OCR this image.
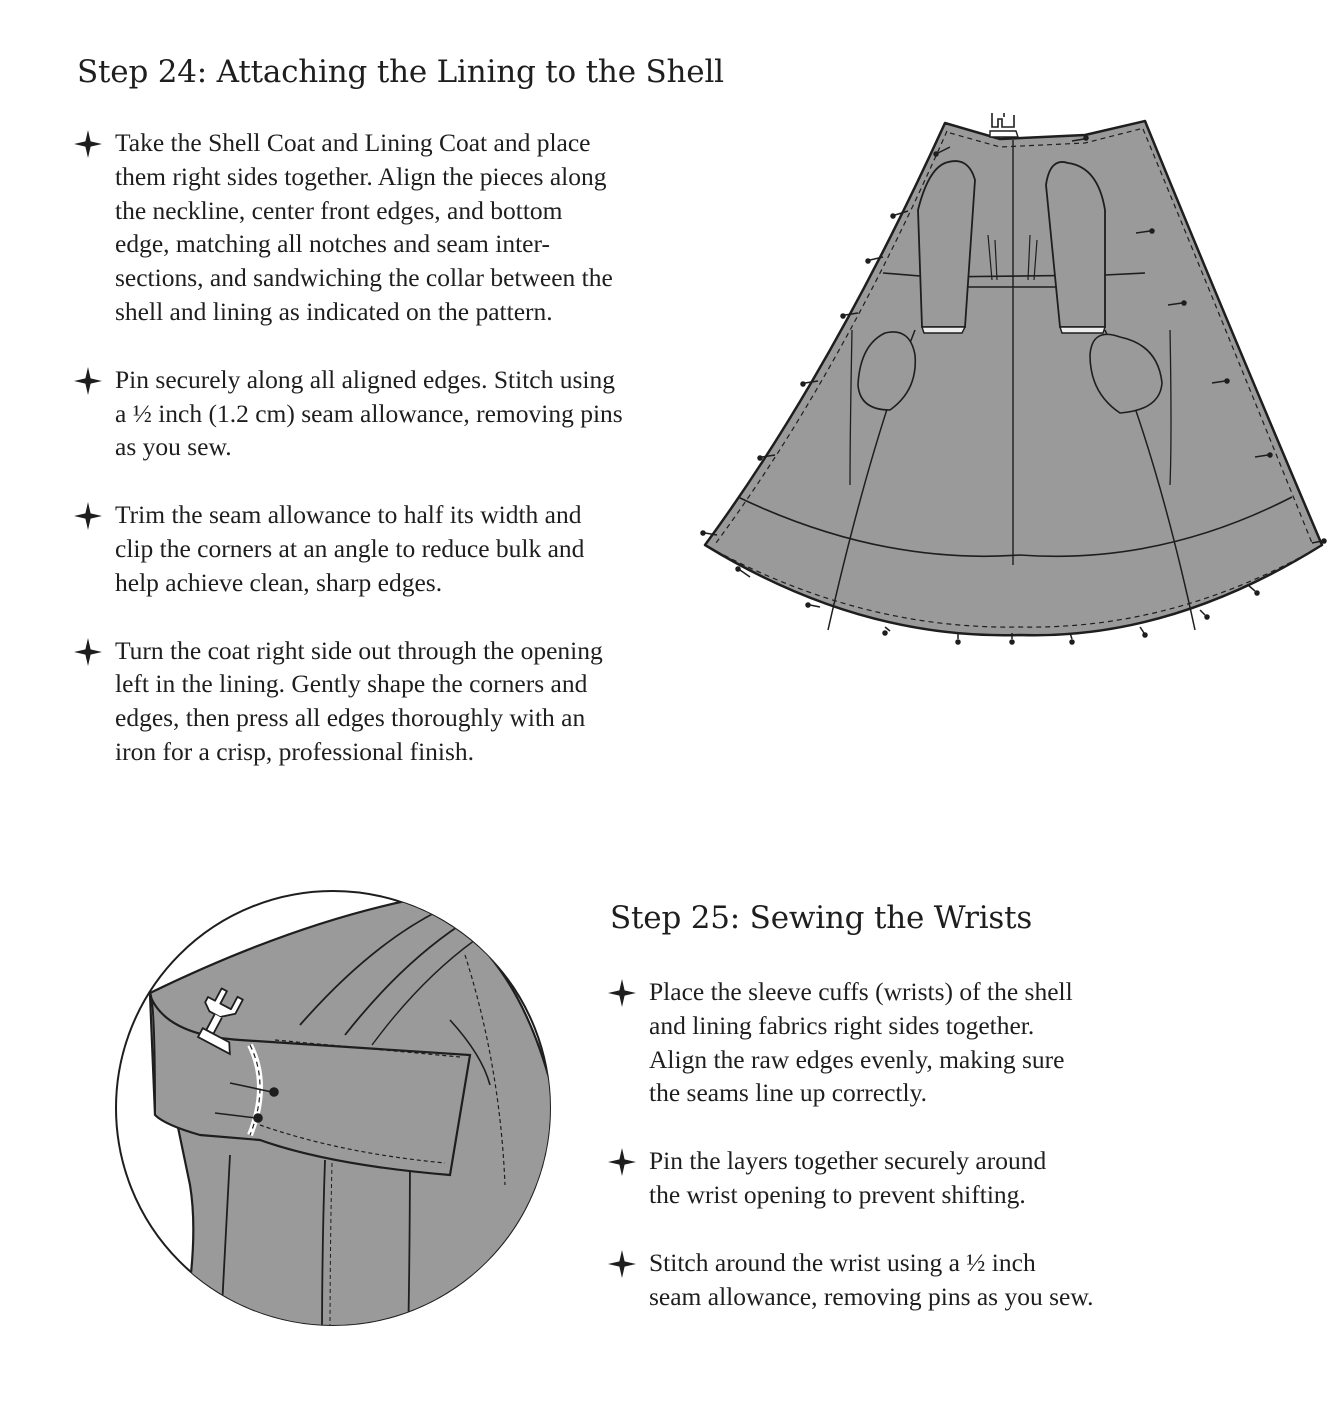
Step 24: Attaching the Lining to the Shell
Take the Shell Coat and Lining Coat and place
them right sides together. Align the pieces along
the neckline, center front edges, and bottom
edge, matching all notches and seam inter-
sections, and sandwiching the collar between the
shell and lining as indicated on the pattern.
Pin securely along all aligned edges. Stitch using
a ½ inch (1.2 cm) seam allowance, removing pins
as you sew.
Trim the seam allowance to half its width and
clip the corners at an angle to reduce bulk and
help achieve clean, sharp edges.
Turn the coat right side out through the opening
left in the lining. Gently shape the corners and
edges, then press all edges thoroughly with an
iron for a crisp, professional finish.
Step 25: Sewing the Wrists
Place the sleeve cuffs (wrists) of the shell
and lining fabrics right sides together.
Align the raw edges evenly, making sure
the seams line up correctly.
Pin the layers together securely around
the wrist opening to prevent shifting.
Stitch around the wrist using a ½ inch
seam allowance, removing pins as you sew.
